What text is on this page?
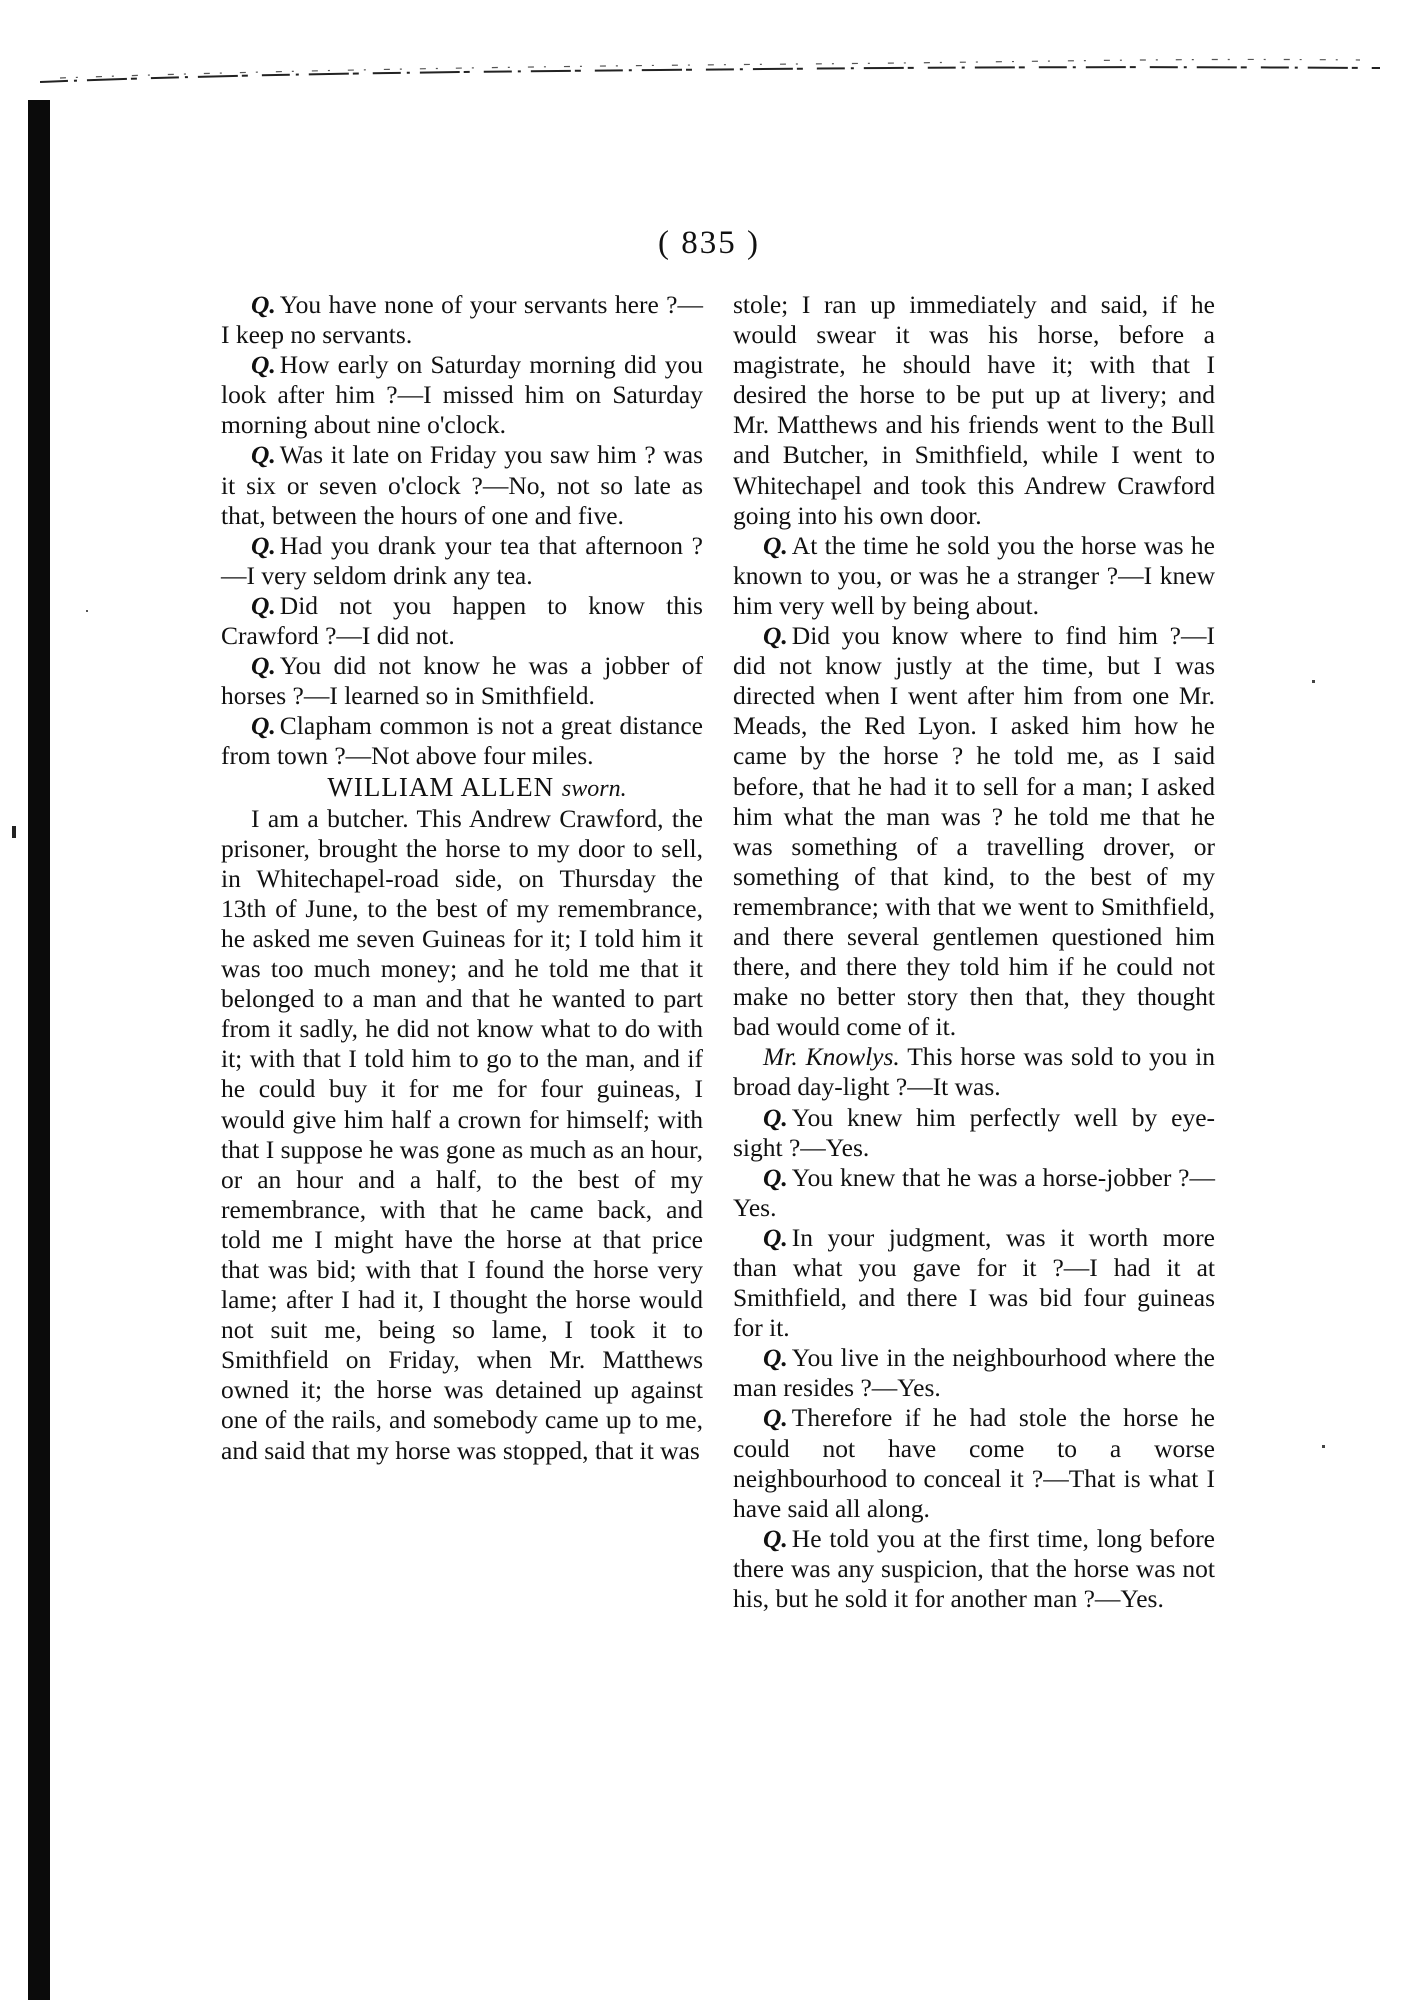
( 835 )

Q. You have none of your servants here ?—I keep no servants.

Q. How early on Saturday morning did you look after him ?—I missed him on Saturday morning about nine o'clock.

Q. Was it late on Friday you saw him ? was it six or seven o'clock ?—No, not so late as that, between the hours of one and five.

Q. Had you drank your tea that afternoon ?—I very seldom drink any tea.

Q. Did not you happen to know this Crawford ?—I did not.

Q. You did not know he was a jobber of horses ?—I learned so in Smithfield.

Q. Clapham common is not a great distance from town ?—Not above four miles.

WILLIAM ALLEN sworn.

I am a butcher. This Andrew Crawford, the prisoner, brought the horse to my door to sell, in Whitechapel-road side, on Thursday the 13th of June, to the best of my remembrance, he asked me seven Guineas for it; I told him it was too much money; and he told me that it belonged to a man and that he wanted to part from it sadly, he did not know what to do with it; with that I told him to go to the man, and if he could buy it for me for four guineas, I would give him half a crown for himself; with that I suppose he was gone as much as an hour, or an hour and a half, to the best of my remembrance, with that he came back, and told me I might have the horse at that price that was bid; with that I found the horse very lame; after I had it, I thought the horse would not suit me, being so lame, I took it to Smithfield on Friday, when Mr. Matthews owned it; the horse was detained up against one of the rails, and somebody came up to me, and said that my horse was stopped, that it was

stole; I ran up immediately and said, if he would swear it was his horse, before a magistrate, he should have it; with that I desired the horse to be put up at livery; and Mr. Matthews and his friends went to the Bull and Butcher, in Smithfield, while I went to Whitechapel and took this Andrew Crawford going into his own door.

Q. At the time he sold you the horse was he known to you, or was he a stranger ?—I knew him very well by being about.

Q. Did you know where to find him ?—I did not know justly at the time, but I was directed when I went after him from one Mr. Meads, the Red Lyon. I asked him how he came by the horse ? he told me, as I said before, that he had it to sell for a man; I asked him what the man was ? he told me that he was something of a travelling drover, or something of that kind, to the best of my remembrance; with that we went to Smithfield, and there several gentlemen questioned him there, and there they told him if he could not make no better story then that, they thought bad would come of it.

Mr. Knowlys. This horse was sold to you in broad day-light ?—It was.

Q. You knew him perfectly well by eye-sight ?—Yes.

Q. You knew that he was a horse-jobber ?—Yes.

Q. In your judgment, was it worth more than what you gave for it ?—I had it at Smithfield, and there I was bid four guineas for it.

Q. You live in the neighbourhood where the man resides ?—Yes.

Q. Therefore if he had stole the horse he could not have come to a worse neighbourhood to conceal it ?—That is what I have said all along.

Q. He told you at the first time, long before there was any suspicion, that the horse was not his, but he sold it for another man ?—Yes.
